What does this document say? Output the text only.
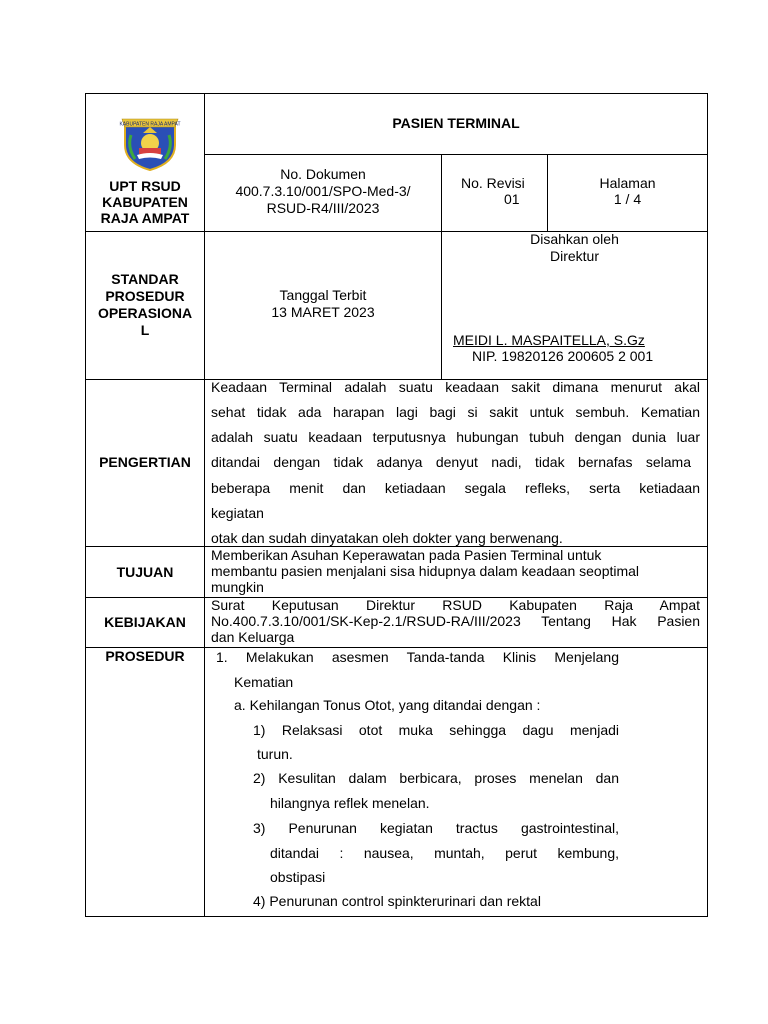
KABUPATEN RAJA AMPAT
UPT RSUD
KABUPATEN
RAJA AMPAT
PASIEN TERMINAL
No. Dokumen
400.7.3.10/001/SPO-Med-3/
RSUD-R4/III/2023
No. Revisi
01
Halaman
1 / 4
STANDAR
PROSEDUR
OPERASIONA
L
Tanggal Terbit
13 MARET 2023
Disahkan oleh
Direktur
MEIDI L. MASPAITELLA, S.Gz
NIP. 19820126 200605 2 001
PENGERTIAN
Keadaan Terminal adalah suatu keadaan sakit dimana menurut akal
sehat tidak ada harapan lagi bagi si sakit untuk sembuh. Kematian
adalah suatu keadaan terputusnya hubungan tubuh dengan dunia luar
ditandai dengan tidak adanya denyut nadi, tidak bernafas selama
beberapa menit dan ketiadaan segala refleks, serta ketiadaan
kegiatan
otak dan sudah dinyatakan oleh dokter yang berwenang.
TUJUAN
Memberikan Asuhan Keperawatan pada Pasien Terminal untuk
membantu pasien menjalani sisa hidupnya dalam keadaan seoptimal
mungkin
KEBIJAKAN
Surat Keputusan Direktur RSUD Kabupaten Raja Ampat
No.400.7.3.10/001/SK-Kep-2.1/RSUD-RA/III/2023 Tentang Hak Pasien
dan Keluarga
PROSEDUR	1. Melakukan asesmen Tanda-tanda Klinis Menjelang
Kematian
a. Kehilangan Tonus Otot, yang ditandai dengan :
1) Relaksasi otot muka sehingga dagu menjadi
turun.
2) Kesulitan dalam berbicara, proses menelan dan
hilangnya reflek menelan.
3) Penurunan kegiatan tractus gastrointestinal,
ditandai : nausea, muntah, perut kembung,
obstipasi
4) Penurunan control spinkterurinari dan rektal
